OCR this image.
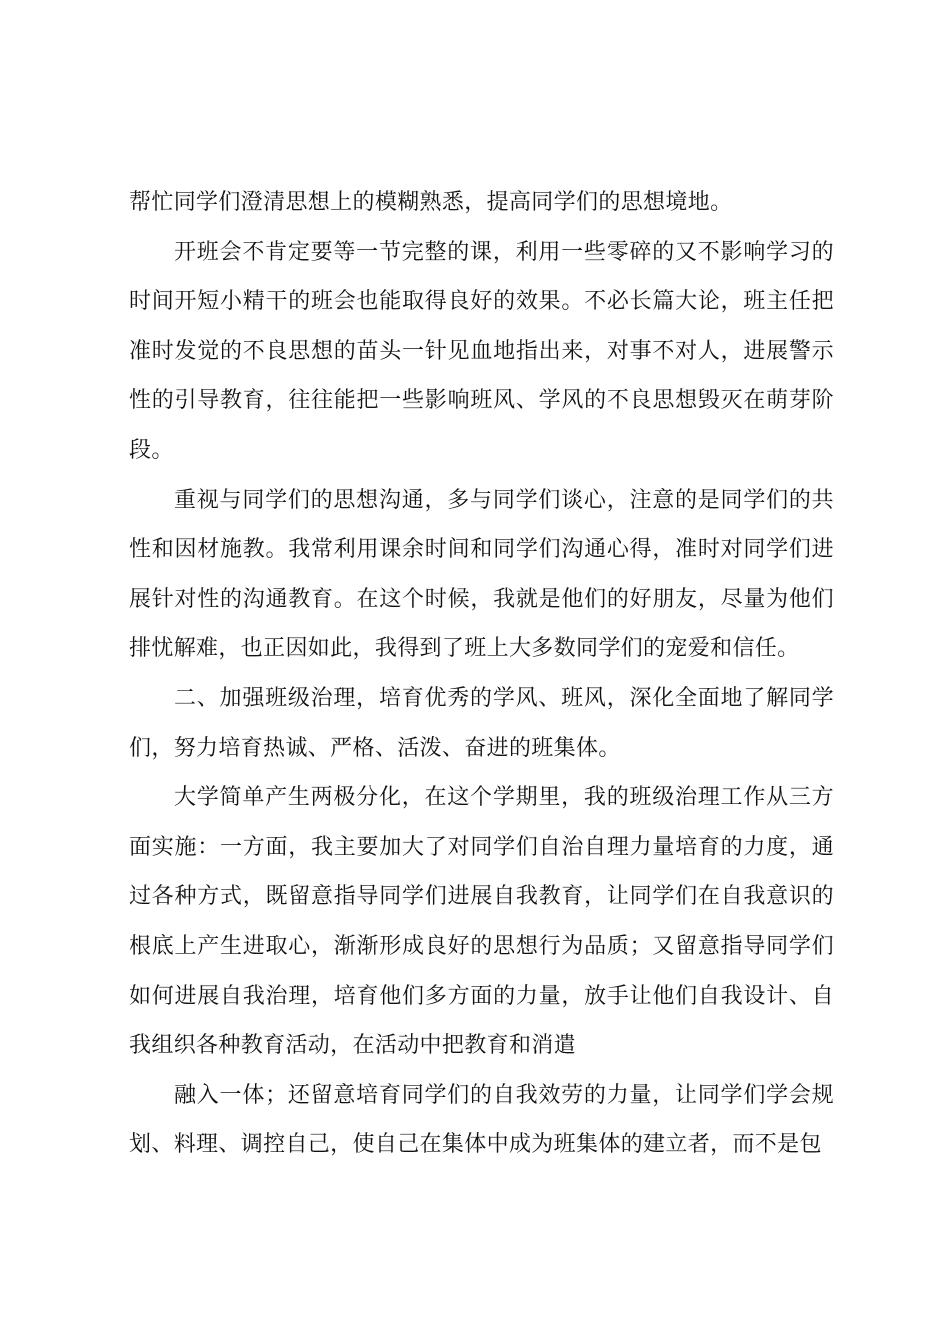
帮忙同学们澄清思想上的模糊熟悉，提高同学们的思想境地。

开班会不肯定要等一节完整的课，利用一些零碎的又不影响学习的时间开短小精干的班会也能取得良好的效果。不必长篇大论，班主任把准时发觉的不良思想的苗头一针见血地指出来，对事不对人，进展警示性的引导教育，往往能把一些影响班风、学风的不良思想毁灭在萌芽阶段。

重视与同学们的思想沟通，多与同学们谈心，注意的是同学们的共性和因材施教。我常利用课余时间和同学们沟通心得，准时对同学们进展针对性的沟通教育。在这个时候，我就是他们的好朋友，尽量为他们排忧解难，也正因如此，我得到了班上大多数同学们的宠爱和信任。

二、加强班级治理，培育优秀的学风、班风，深化全面地了解同学们，努力培育热诚、严格、活泼、奋进的班集体。

大学简单产生两极分化，在这个学期里，我的班级治理工作从三方面实施：一方面，我主要加大了对同学们自治自理力量培育的力度，通过各种方式，既留意指导同学们进展自我教育，让同学们在自我意识的根底上产生进取心，渐渐形成良好的思想行为品质；又留意指导同学们如何进展自我治理，培育他们多方面的力量，放手让他们自我设计、自我组织各种教育活动，在活动中把教育和消遣

融入一体；还留意培育同学们的自我效劳的力量，让同学们学会规划、料理、调控自己，使自己在集体中成为班集体的建立者，而不是包
